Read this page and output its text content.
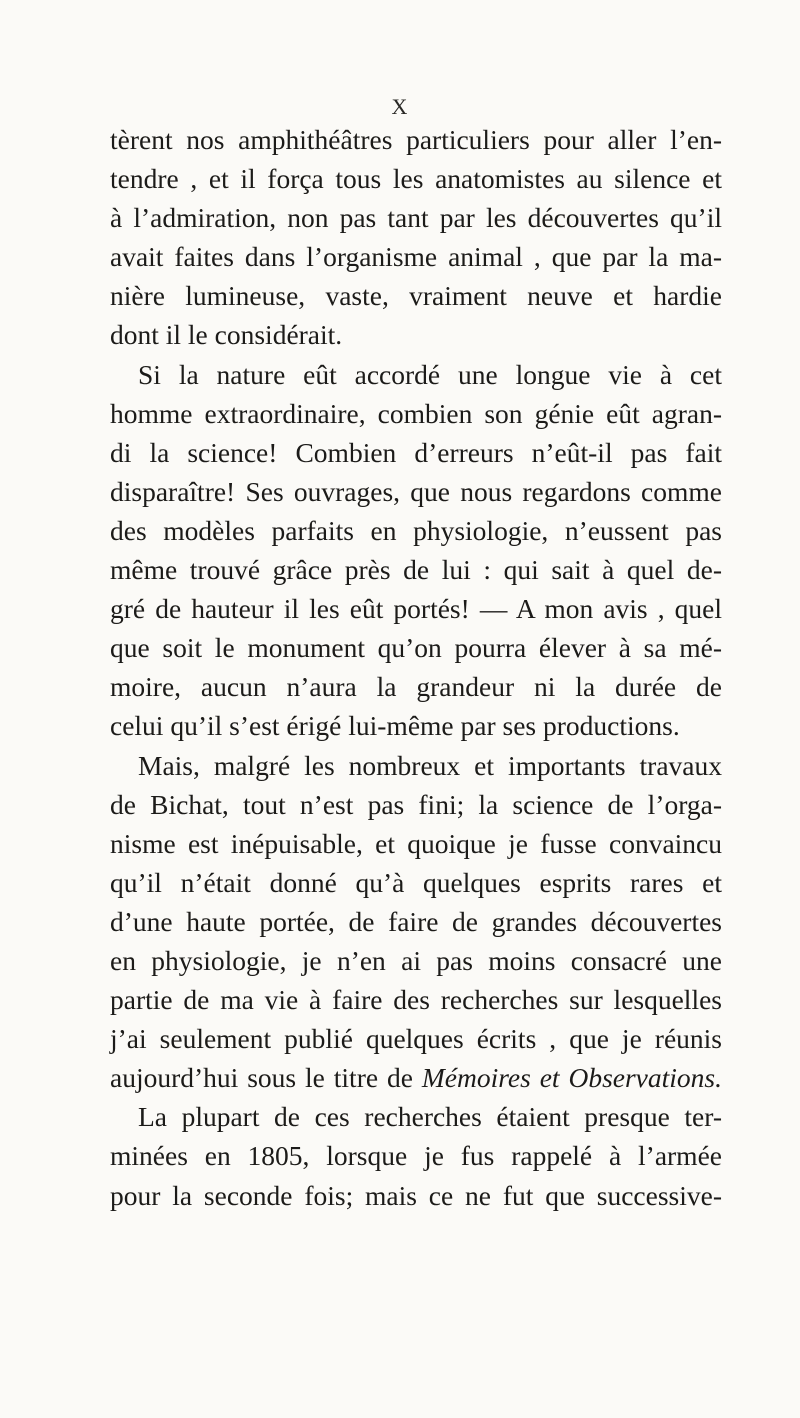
X
tèrent nos amphithéâtres particuliers pour aller l’en-
tendre , et il força tous les anatomistes au silence et
à l’admiration, non pas tant par les découvertes qu’il
avait faites dans l’organisme animal , que par la ma-
nière lumineuse, vaste, vraiment neuve et hardie
dont il le considérait.
Si la nature eût accordé une longue vie à cet
homme extraordinaire, combien son génie eût agran-
di la science! Combien d’erreurs n’eût-il pas fait
disparaître! Ses ouvrages, que nous regardons comme
des modèles parfaits en physiologie, n’eussent pas
même trouvé grâce près de lui : qui sait à quel de-
gré de hauteur il les eût portés! — A mon avis , quel
que soit le monument qu’on pourra élever à sa mé-
moire, aucun n’aura la grandeur ni la durée de
celui qu’il s’est érigé lui-même par ses productions.
Mais, malgré les nombreux et importants travaux
de Bichat, tout n’est pas fini; la science de l’orga-
nisme est inépuisable, et quoique je fusse convaincu
qu’il n’était donné qu’à quelques esprits rares et
d’une haute portée, de faire de grandes découvertes
en physiologie, je n’en ai pas moins consacré une
partie de ma vie à faire des recherches sur lesquelles
j’ai seulement publié quelques écrits , que je réunis
aujourd’hui sous le titre de Mémoires et Observations.
La plupart de ces recherches étaient presque ter-
minées en 1805, lorsque je fus rappelé à l’armée
pour la seconde fois; mais ce ne fut que successive-
